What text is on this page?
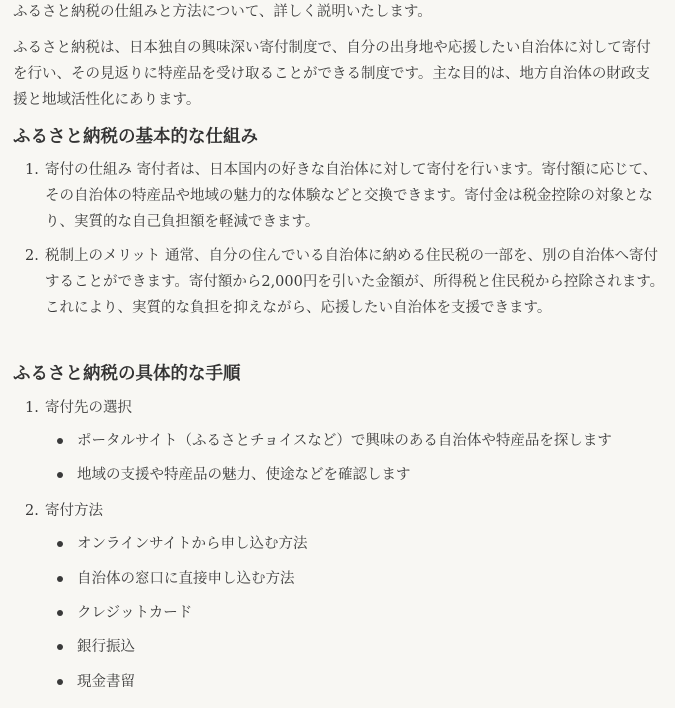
ふるさと納税の仕組みと方法について、詳しく説明いたします。

ふるさと納税は、日本独自の興味深い寄付制度で、自分の出身地や応援したい自治体に対して寄付を行い、その見返りに特産品を受け取ることができる制度です。主な目的は、地方自治体の財政支援と地域活性化にあります。

ふるさと納税の基本的な仕組み
1. 寄付の仕組み 寄付者は、日本国内の好きな自治体に対して寄付を行います。寄付額に応じて、その自治体の特産品や地域の魅力的な体験などと交換できます。寄付金は税金控除の対象となり、実質的な自己負担額を軽減できます。
2. 税制上のメリット 通常、自分の住んでいる自治体に納める住民税の一部を、別の自治体へ寄付することができます。寄付額から2,000円を引いた金額が、所得税と住民税から控除されます。これにより、実質的な負担を抑えながら、応援したい自治体を支援できます。
ふるさと納税の具体的な手順
1. 寄付先の選択
ポータルサイト（ふるさとチョイスなど）で興味のある自治体や特産品を探します
地域の支援や特産品の魅力、使途などを確認します
2. 寄付方法
オンラインサイトから申し込む方法
自治体の窓口に直接申し込む方法
クレジットカード
銀行振込
現金書留
